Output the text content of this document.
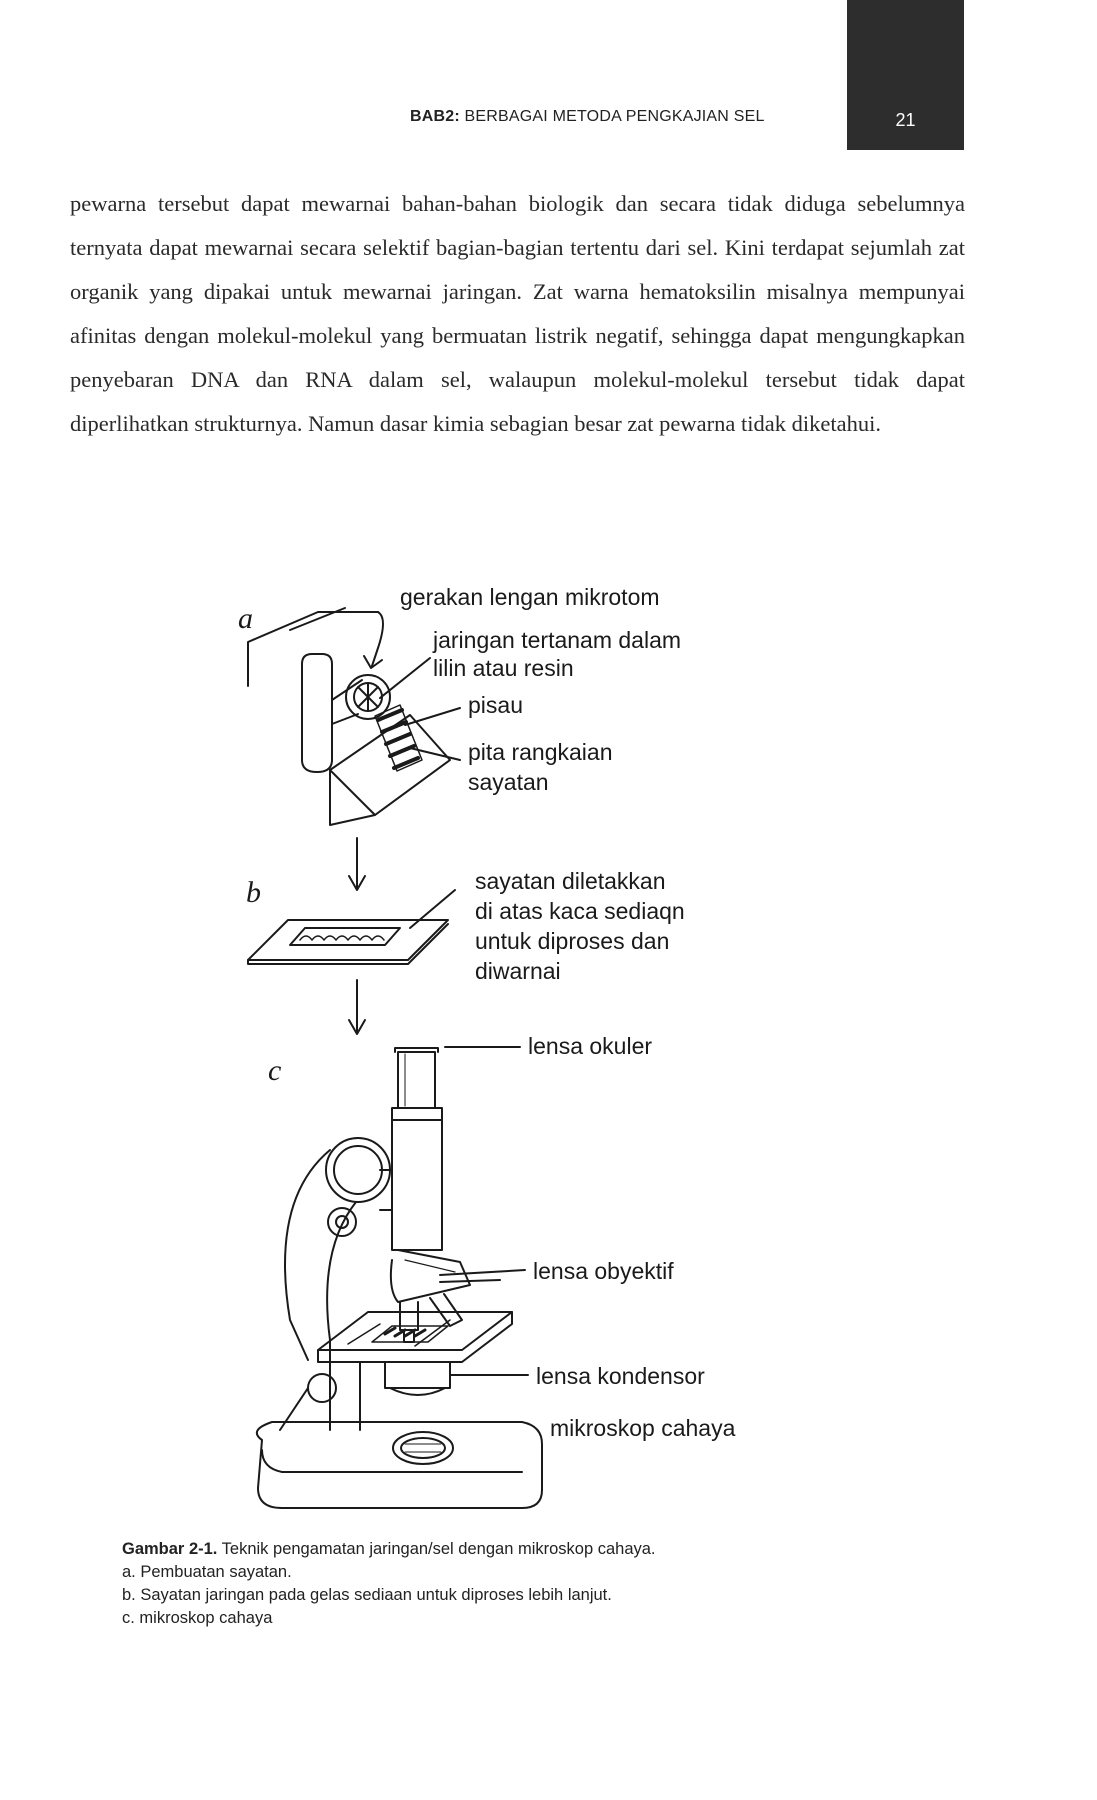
21
BAB2: BERBAGAI METODA PENGKAJIAN SEL

pewarna tersebut dapat mewarnai bahan-bahan biologik dan secara tidak diduga sebelumnya ternyata dapat mewarnai secara selektif bagian-bagian tertentu dari sel. Kini terdapat sejumlah zat organik yang dipakai untuk mewarnai jaringan. Zat warna hematoksilin misalnya mempunyai afinitas dengan molekul-molekul yang bermuatan listrik negatif, sehingga dapat mengungkapkan penyebaran DNA dan RNA dalam sel, walaupun molekul-molekul tersebut tidak dapat diperlihatkan strukturnya. Namun dasar kimia sebagian besar zat pewarna tidak diketahui.

a
b
c
gerakan lengan mikrotom
jaringan tertanam dalam
lilin atau resin
pisau
pita rangkaian
sayatan
sayatan diletakkan
di atas kaca sediaqn
untuk diproses dan
diwarnai
lensa okuler
lensa obyektif
lensa kondensor
mikroskop cahaya
Gambar 2-1. Teknik pengamatan jaringan/sel dengan mikroskop cahaya.
a. Pembuatan sayatan.
b. Sayatan jaringan pada gelas sediaan untuk diproses lebih lanjut.
c. mikroskop cahaya
